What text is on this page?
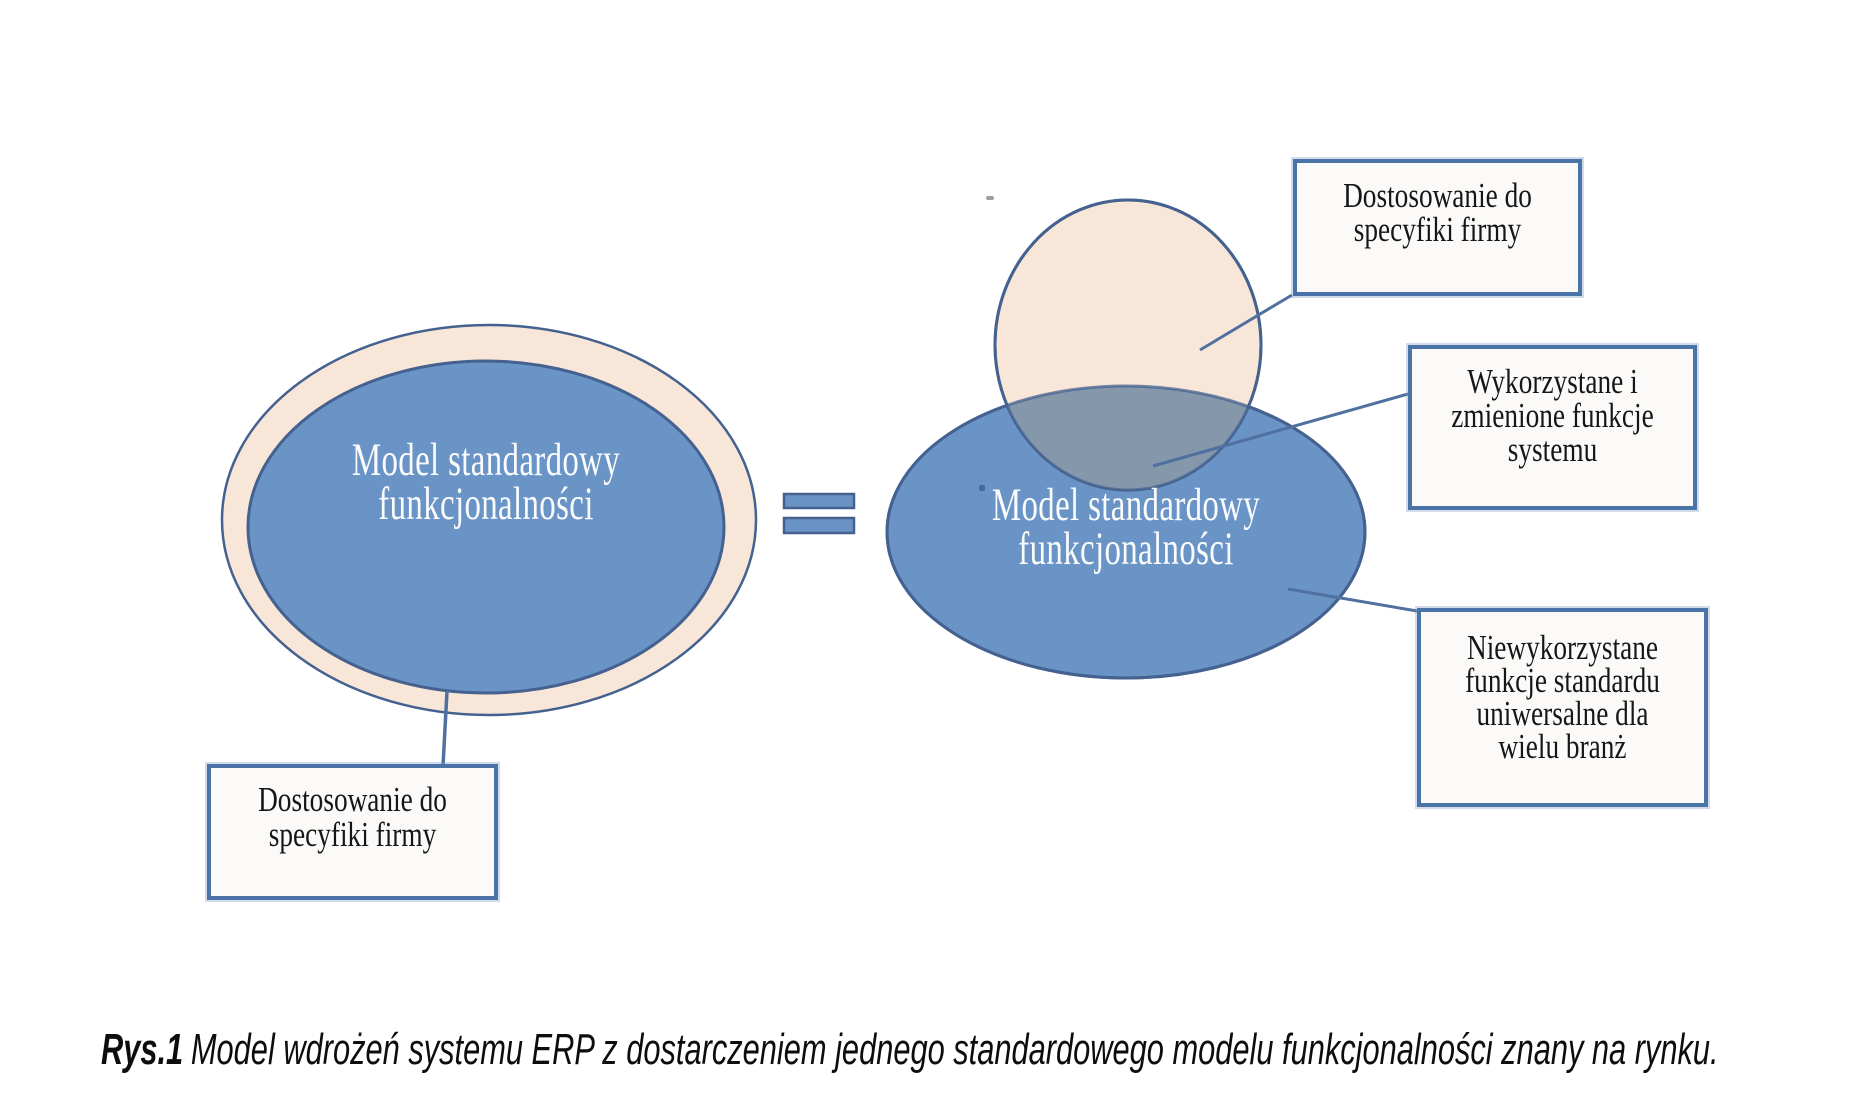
Model standardowy
funkcjonalności	Model standardowy
funkcjonalności
Dostosowanie do
specyfiki firmy
Dostosowanie do
specyfiki firmy
Wykorzystane i
zmienione funkcje
systemu
Niewykorzystane
funkcje standardu
uniwersalne dla
wielu branż
Rys.1 Model wdrożeń systemu ERP z dostarczeniem jednego standardowego modelu funkcjonalności znany na rynku.
